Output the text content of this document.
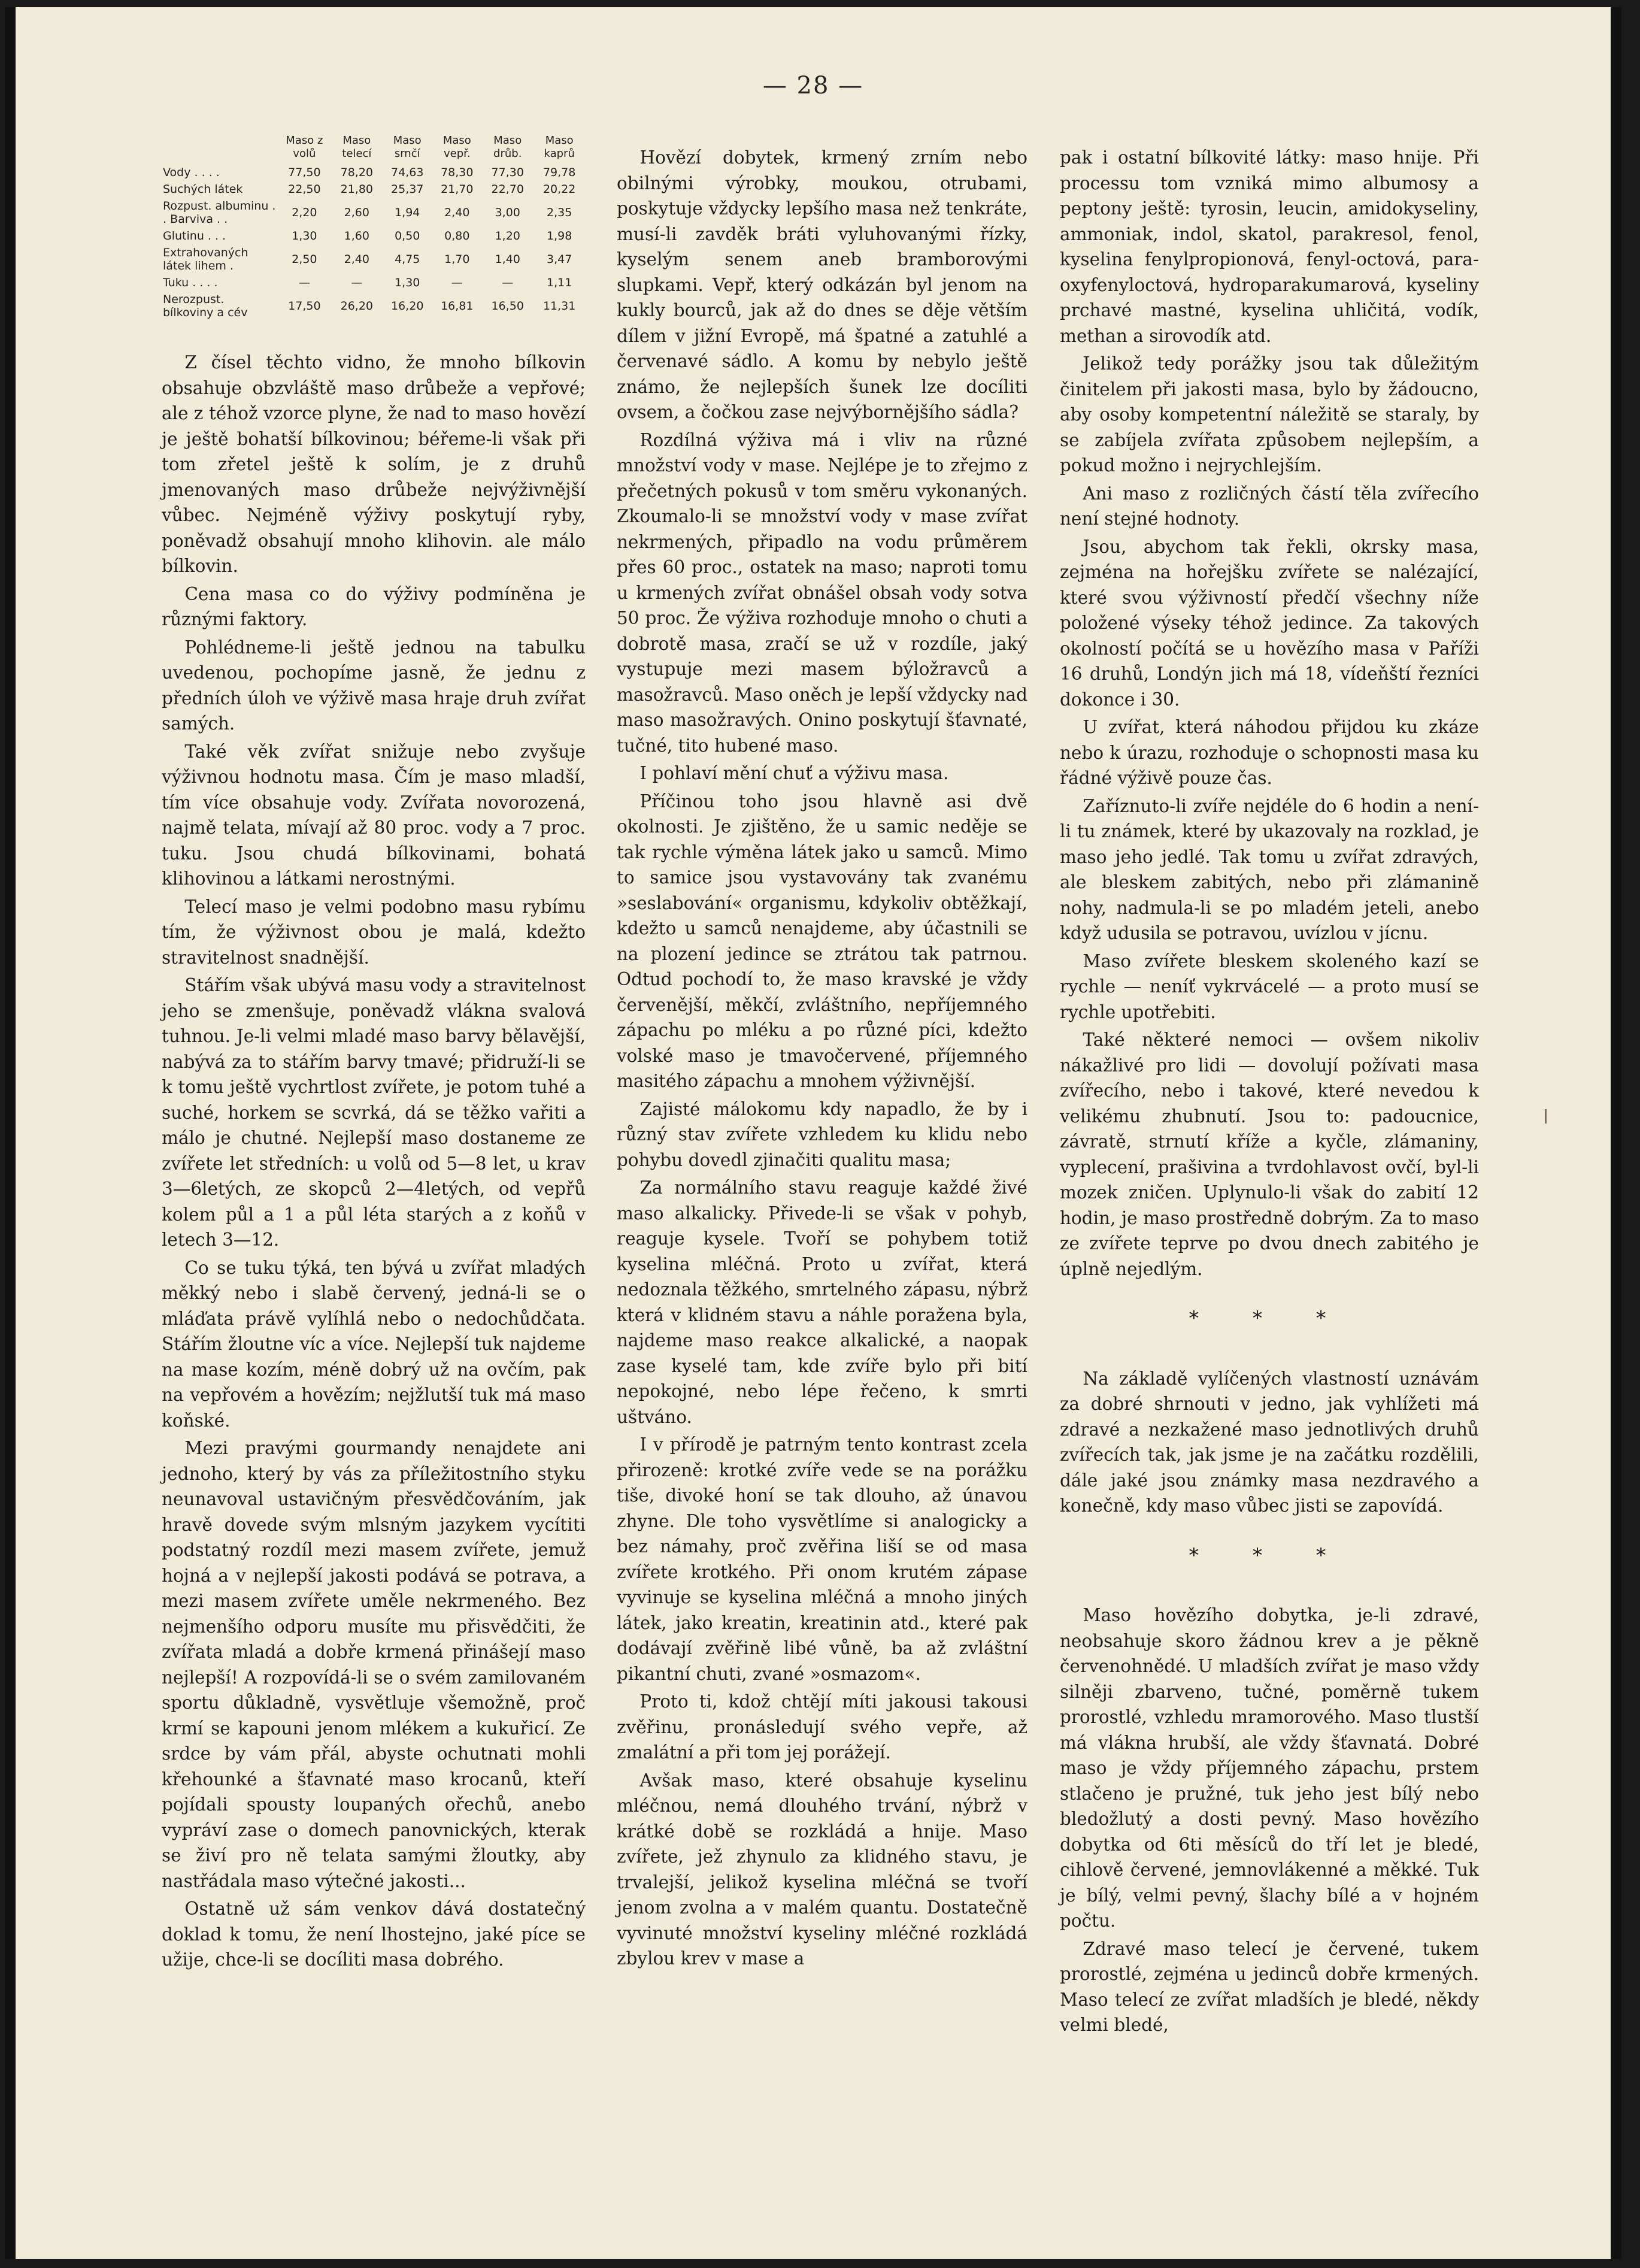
— 28 —
	Maso z volů	Maso telecí	Maso srnčí	Maso vepř.	Maso drůb.	Maso kaprů
Vody . . . .	77,50	78,20	74,63	78,30	77,30	79,78
Suchých látek	22,50	21,80	25,37	21,70	22,70	20,22
Rozpust. albuminu . . Barviva . .	2,20	2,60	1,94	2,40	3,00	2,35
Glutinu . . .	1,30	1,60	0,50	0,80	1,20	1,98
Extrahovaných látek lihem .	2,50	2,40	4,75	1,70	1,40	3,47
Tuku . . . .	—	—	1,30	—	—	1,11
Nerozpust. bílkoviny a cév	17,50	26,20	16,20	16,81	16,50	11,31

Z čísel těchto vidno, že mnoho bílkovin obsahuje obzvláště maso drůbeže a vepřové; ale z téhož vzorce plyne, že nad to maso hovězí je ještě bohatší bílkovinou; béřeme-li však při tom zřetel ještě k solím, je z druhů jmenovaných maso drůbeže nejvýživnější vůbec. Nejméně výživy poskytují ryby, poněvadž obsahují mnoho klihovin. ale málo bílkovin.

Cena masa co do výživy podmíněna je různými faktory.

Pohlédneme-li ještě jednou na tabulku uvedenou, pochopíme jasně, že jednu z předních úloh ve výživě masa hraje druh zvířat samých.

Také věk zvířat snižuje nebo zvyšuje výživnou hodnotu masa. Čím je maso mladší, tím více obsahuje vody. Zvířata novorozená, najmě telata, mívají až 80 proc. vody a 7 proc. tuku. Jsou chudá bílkovinami, bohatá klihovinou a látkami nerostnými.

Telecí maso je velmi podobno masu rybímu tím, že výživnost obou je malá, kdežto stravitelnost snadnější.

Stářím však ubývá masu vody a stravitelnost jeho se zmenšuje, poněvadž vlákna svalová tuhnou. Je-li velmi mladé maso barvy bělavější, nabývá za to stářím barvy tmavé; přidruží-li se k tomu ještě vychrtlost zvířete, je potom tuhé a suché, horkem se scvrká, dá se těžko vařiti a málo je chutné. Nejlepší maso dostaneme ze zvířete let středních: u volů od 5—8 let, u krav 3—6letých, ze skopců 2—4letých, od vepřů kolem půl a 1 a půl léta starých a z koňů v letech 3—12.

Co se tuku týká, ten bývá u zvířat mladých měkký nebo i slabě červený, jedná-li se o mláďata právě vylíhlá nebo o nedochůdčata. Stářím žloutne víc a více. Nejlepší tuk najdeme na mase kozím, méně dobrý už na ovčím, pak na vepřovém a hovězím; nejžlutší tuk má maso koňské.

Mezi pravými gourmandy nenajdete ani jednoho, který by vás za příležitostního styku neunavoval ustavičným přesvědčováním, jak hravě dovede svým mlsným jazykem vycítiti podstatný rozdíl mezi masem zvířete, jemuž hojná a v nejlepší jakosti podává se potrava, a mezi masem zvířete uměle nekrmeného. Bez nejmenšího odporu musíte mu přisvědčiti, že zvířata mladá a dobře krmená přinášejí maso nejlepší! A rozpovídá-li se o svém zamilovaném sportu důkladně, vysvětluje všemožně, proč krmí se kapouni jenom mlékem a kukuřicí. Ze srdce by vám přál, abyste ochutnati mohli křehounké a šťavnaté maso krocanů, kteří pojídali spousty loupaných ořechů, anebo vypráví zase o domech panovnických, kterak se živí pro ně telata samými žloutky, aby nastřádala maso výtečné jakosti...

Ostatně už sám venkov dává dostatečný doklad k tomu, že není lhostejno, jaké píce se užije, chce-li se docíliti masa dobrého.

Hovězí dobytek, krmený zrním nebo obilnými výrobky, moukou, otrubami, poskytuje vždycky lepšího masa než tenkráte, musí-li zavděk bráti vyluhovanými řízky, kyselým senem aneb bramborovými slupkami. Vepř, který odkázán byl jenom na kukly bourců, jak až do dnes se děje větším dílem v jižní Evropě, má špatné a zatuhlé a červenavé sádlo. A komu by nebylo ještě známo, že nejlepších šunek lze docíliti ovsem, a čočkou zase nejvýbornějšího sádla?

Rozdílná výživa má i vliv na různé množství vody v mase. Nejlépe je to zřejmo z přečetných pokusů v tom směru vykonaných. Zkoumalo-li se množství vody v mase zvířat nekrmených, připadlo na vodu průměrem přes 60 proc., ostatek na maso; naproti tomu u krmených zvířat obnášel obsah vody sotva 50 proc. Že výživa rozhoduje mnoho o chuti a dobrotě masa, zračí se už v rozdíle, jaký vystupuje mezi masem býložravců a masožravců. Maso oněch je lepší vždycky nad maso masožravých. Onino poskytují šťavnaté, tučné, tito hubené maso.

I pohlaví mění chuť a výživu masa.

Příčinou toho jsou hlavně asi dvě okolnosti. Je zjištěno, že u samic neděje se tak rychle výměna látek jako u samců. Mimo to samice jsou vystavovány tak zvanému »seslabování« organismu, kdykoliv obtěžkají, kdežto u samců nenajdeme, aby účastnili se na plození jedince se ztrátou tak patrnou. Odtud pochodí to, že maso kravské je vždy červenější, měkčí, zvláštního, nepříjemného zápachu po mléku a po různé píci, kdežto volské maso je tmavočervené, příjemného masitého zápachu a mnohem výživnější.

Zajisté málokomu kdy napadlo, že by i různý stav zvířete vzhledem ku klidu nebo pohybu dovedl zjinačiti qualitu masa;

Za normálního stavu reaguje každé živé maso alkalicky. Přivede-li se však v pohyb, reaguje kysele. Tvoří se pohybem totiž kyselina mléčná. Proto u zvířat, která nedoznala těžkého, smrtelného zápasu, nýbrž která v klidném stavu a náhle poražena byla, najdeme maso reakce alkalické, a naopak zase kyselé tam, kde zvíře bylo při bití nepokojné, nebo lépe řečeno, k smrti uštváno.

I v přírodě je patrným tento kontrast zcela přirozeně: krotké zvíře vede se na porážku tiše, divoké honí se tak dlouho, až únavou zhyne. Dle toho vysvětlíme si analogicky a bez námahy, proč zvěřina liší se od masa zvířete krotkého. Při onom krutém zápase vyvinuje se kyselina mléčná a mnoho jiných látek, jako kreatin, kreatinin atd., které pak dodávají zvěřině libé vůně, ba až zvláštní pikantní chuti, zvané »osmazom«.

Proto ti, kdož chtějí míti jakousi takousi zvěřinu, pronásledují svého vepře, až zmalátní a při tom jej porážejí.

Avšak maso, které obsahuje kyselinu mléčnou, nemá dlouhého trvání, nýbrž v krátké době se rozkládá a hnije. Maso zvířete, jež zhynulo za klidného stavu, je trvalejší, jelikož kyselina mléčná se tvoří jenom zvolna a v malém quantu. Dostatečně vyvinuté množství kyseliny mléčné rozkládá zbylou krev v mase a

pak i ostatní bílkovité látky: maso hnije. Při processu tom vzniká mimo albumosy a peptony ještě: tyrosin, leucin, amidokyseliny, ammoniak, indol, skatol, parakresol, fenol, kyselina fenylpropionová, fenyl-octová, para-oxyfenyloctová, hydroparakumarová, kyseliny prchavé mastné, kyselina uhličitá, vodík, methan a sirovodík atd.

Jelikož tedy porážky jsou tak důležitým činitelem při jakosti masa, bylo by žádoucno, aby osoby kompetentní náležitě se staraly, by se zabíjela zvířata způsobem nejlepším, a pokud možno i nejrychlejším.

Ani maso z rozličných částí těla zvířecího není stejné hodnoty.

Jsou, abychom tak řekli, okrsky masa, zejména na hořejšku zvířete se nalézající, které svou výživností předčí všechny níže položené výseky téhož jedince. Za takových okolností počítá se u hovězího masa v Paříži 16 druhů, Londýn jich má 18, vídeňští řezníci dokonce i 30.

U zvířat, která náhodou přijdou ku zkáze nebo k úrazu, rozhoduje o schopnosti masa ku řádné výživě pouze čas.

Zaříznuto-li zvíře nejdéle do 6 hodin a není-li tu známek, které by ukazovaly na rozklad, je maso jeho jedlé. Tak tomu u zvířat zdravých, ale bleskem zabitých, nebo při zlámanině nohy, nadmula-li se po mladém jeteli, anebo když udusila se potravou, uvízlou v jícnu.

Maso zvířete bleskem skoleného kazí se rychle — neníť vykrvácelé — a proto musí se rychle upotřebiti.

Také některé nemoci — ovšem nikoliv nákažlivé pro lidi — dovolují požívati masa zvířecího, nebo i takové, které nevedou k velikému zhubnutí. Jsou to: padoucnice, závratě, strnutí kříže a kyčle, zlámaniny, vyplecení, prašivina a tvrdohlavost ovčí, byl-li mozek zničen. Uplynulo-li však do zabití 12 hodin, je maso prostředně dobrým. Za to maso ze zvířete teprve po dvou dnech zabitého je úplně nejedlým.

* * *

Na základě vylíčených vlastností uznávám za dobré shrnouti v jedno, jak vyhlížeti má zdravé a nezkažené maso jednotlivých druhů zvířecích tak, jak jsme je na začátku rozdělili, dále jaké jsou známky masa nezdravého a konečně, kdy maso vůbec jisti se zapovídá.

* * *

Maso hovězího dobytka, je-li zdravé, neobsahuje skoro žádnou krev a je pěkně červenohnědé. U mladších zvířat je maso vždy silněji zbarveno, tučné, poměrně tukem prorostlé, vzhledu mramorového. Maso tlustší má vlákna hrubší, ale vždy šťavnatá. Dobré maso je vždy příjemného zápachu, prstem stlačeno je pružné, tuk jeho jest bílý nebo bledožlutý a dosti pevný. Maso hovězího dobytka od 6ti měsíců do tří let je bledé, cihlově červené, jemnovlákenné a měkké. Tuk je bílý, velmi pevný, šlachy bílé a v hojném počtu.

Zdravé maso telecí je červené, tukem prorostlé, zejména u jedinců dobře krmených. Maso telecí ze zvířat mladších je bledé, někdy velmi bledé,
